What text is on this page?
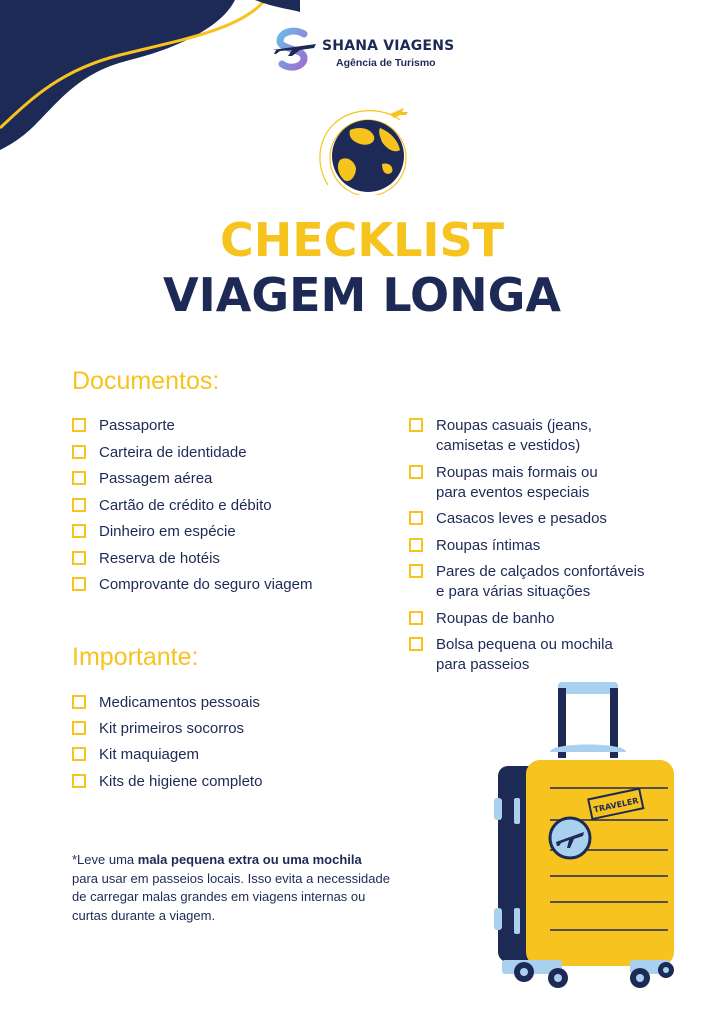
SHANA VIAGENS
Agência de Turismo
CHECKLIST
VIAGEM LONGA
Documentos:
Passaporte
Carteira de identidade
Passagem aérea
Cartão de crédito e débito
Dinheiro em espécie
Reserva de hotéis
Comprovante do seguro viagem
Roupas casuais (jeans,
camisetas e vestidos)
Roupas mais formais ou
para eventos especiais
Casacos leves e pesados
Roupas íntimas
Pares de calçados confortáveis
e para várias situações
Roupas de banho
Bolsa pequena ou mochila
para passeios
Importante:
Medicamentos pessoais
Kit primeiros socorros
Kit maquiagem
Kits de higiene completo
*Leve uma mala pequena extra ou uma mochila
para usar em passeios locais. Isso evita a necessidade
de carregar malas grandes em viagens internas ou
curtas durante a viagem.
TRAVELER
